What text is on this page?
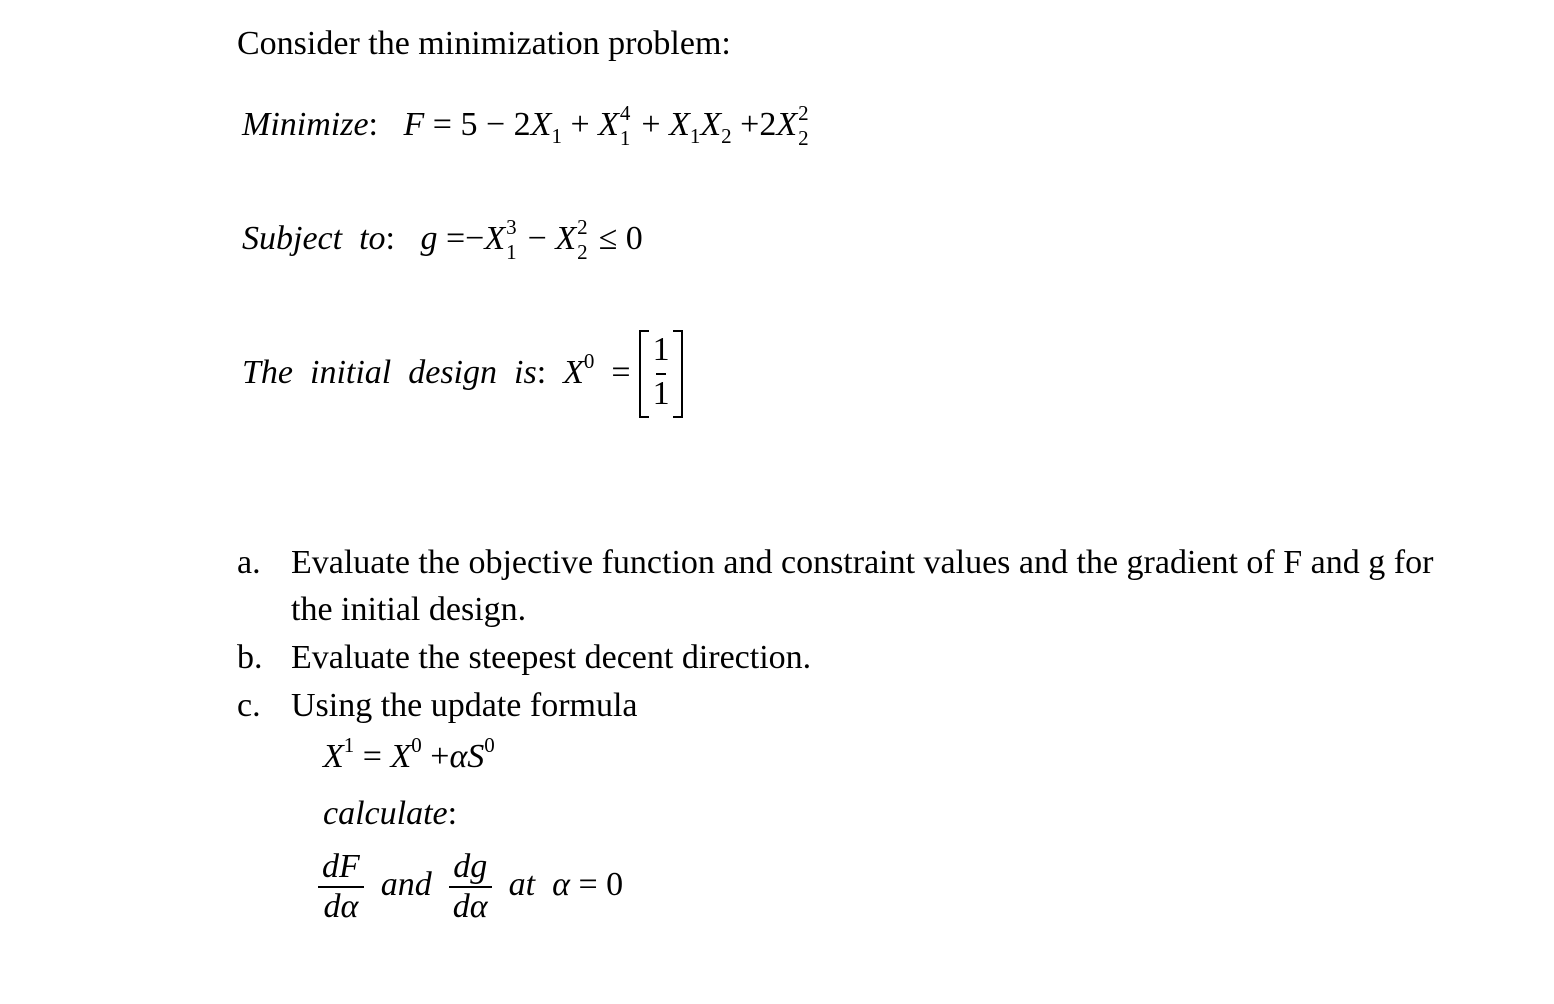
Consider the minimization problem:
Minimize: $F = 5 - 2X_1 + X$ 4
$1 + X_1X_2 +2X$ 2
2
Subject  to: g =−X 3
1 − X 2
2 ≤ 0
The  initial  design  is: $X^0 = \frac{1}{1}$
a. Evaluate the objective function and constraint values and the gradient of F and g for
the initial design.
b. Evaluate the steepest decent direction.
c. Using the update formula
$X^1 = X^0 +\alpha S^0$
calculate:
$\frac{dF}{d\alpha}$ and $\frac{dg}{d\alpha}$ at α = 0
